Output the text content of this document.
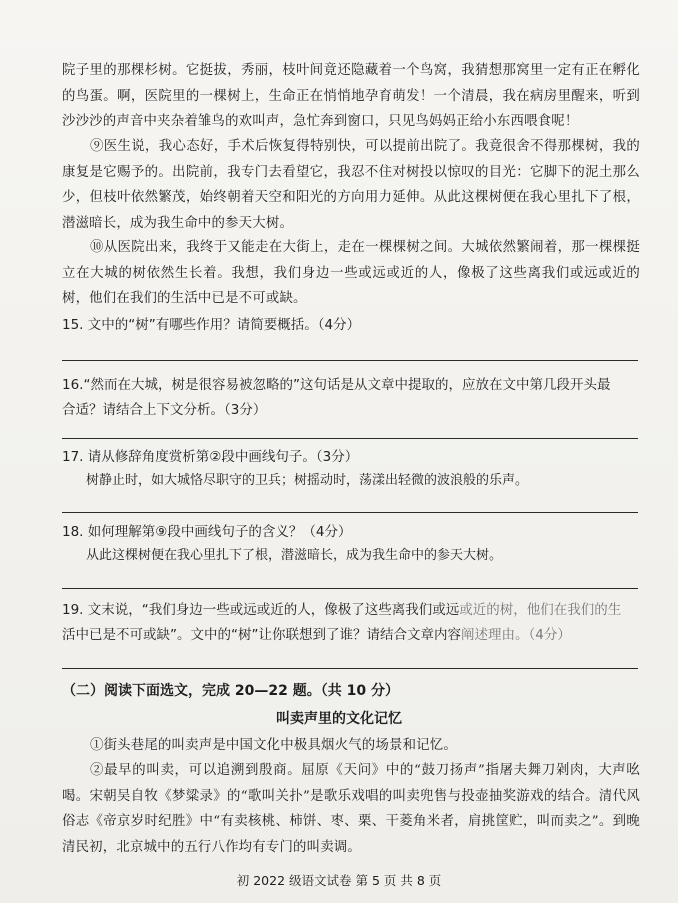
院子里的那棵杉树。它挺拔，秀丽，枝叶间竟还隐藏着一个鸟窝，我猜想那窝里一定有正在孵化的鸟蛋。啊，医院里的一棵树上，生命正在悄悄地孕育萌发！一个清晨，我在病房里醒来，听到沙沙沙的声音中夹杂着雏鸟的欢叫声，急忙奔到窗口，只见鸟妈妈正给小东西喂食呢！
⑨医生说，我心态好，手术后恢复得特别快，可以提前出院了。我竟很舍不得那棵树，我的康复是它赐予的。出院前，我专门去看望它，我忍不住对树投以惊叹的目光：它脚下的泥土那么少，但枝叶依然繁茂，始终朝着天空和阳光的方向用力延伸。从此这棵树便在我心里扎下了根，潜滋暗长，成为我生命中的参天大树。
⑩从医院出来，我终于又能走在大街上，走在一棵棵树之间。大城依然繁闹着，那一棵棵挺立在大城的树依然生长着。我想，我们身边一些或远或近的人，像极了这些离我们或远或近的树，他们在我们的生活中已是不可或缺。
15. 文中的“树”有哪些作用？请简要概括。（4分）
16.“然而在大城，树是很容易被忽略的”这句话是从文章中提取的，应放在文中第几段开头最
合适？请结合上下文分析。（3分）
17. 请从修辞角度赏析第②段中画线句子。（3分）
树静止时，如大城恪尽职守的卫兵；树摇动时，荡漾出轻微的波浪般的乐声。
18. 如何理解第⑨段中画线句子的含义？（4分）
从此这棵树便在我心里扎下了根，潜滋暗长，成为我生命中的参天大树。
19. 文末说，“我们身边一些或远或近的人，像极了这些离我们或远或近的树，他们在我们的生
活中已是不可或缺”。文中的“树”让你联想到了谁？请结合文章内容阐述理由。（4分）
（二）阅读下面选文，完成 20—22 题。（共 10 分）
叫卖声里的文化记忆
①街头巷尾的叫卖声是中国文化中极具烟火气的场景和记忆。
②最早的叫卖，可以追溯到殷商。屈原《天问》中的“鼓刀扬声”指屠夫舞刀剁肉，大声吆喝。宋朝吴自牧《梦粱录》的“歌叫关扑”是歌乐戏唱的叫卖兜售与投壶抽奖游戏的结合。清代风俗志《帝京岁时纪胜》中“有卖核桃、柿饼、枣、栗、干菱角米者，肩挑筐贮，叫而卖之”。到晚清民初，北京城中的五行八作均有专门的叫卖调。
初 2022 级语文试卷 第 5 页 共 8 页
